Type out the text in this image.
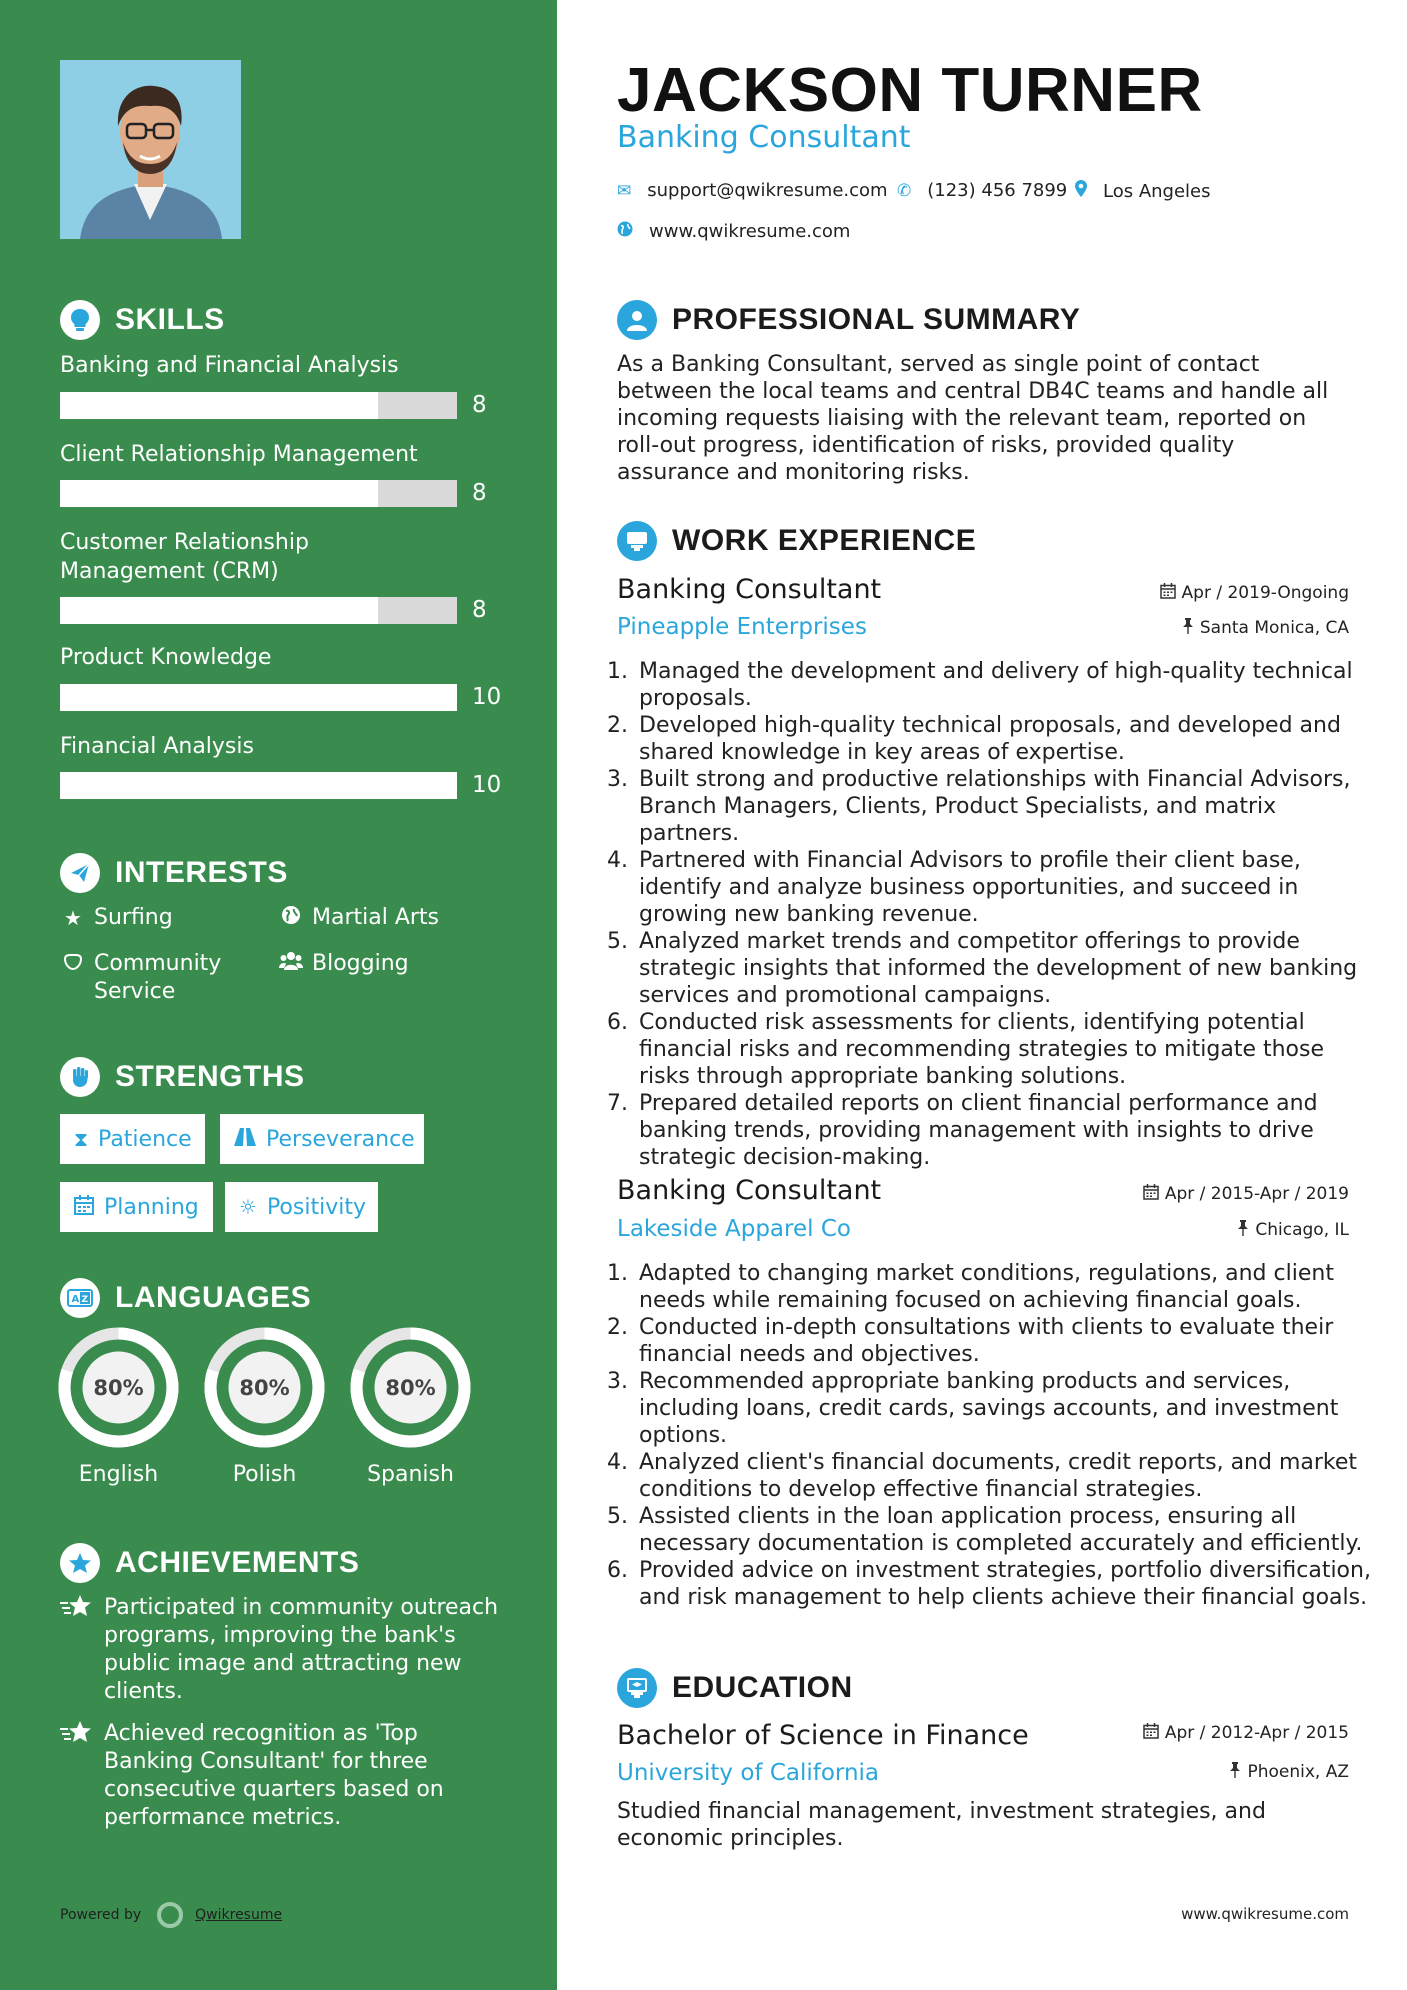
SKILLS
Banking and Financial Analysis
8
Client Relationship Management
8
Customer Relationship Management (CRM)
8
Product Knowledge
10
Financial Analysis
10
INTERESTS
★ Surfing	Martial Arts
Community Service
Blogging
STRENGTHS
⧗ Patience	Perseverance
Planning ☼ Positivity
A Z LANGUAGES
80%
English
80%
Polish
80%
Spanish
ACHIEVEMENTS
Participated in community outreach programs, improving the bank's public image and attracting new clients.
Achieved recognition as 'Top Banking Consultant' for three consecutive quarters based on performance metrics.
Powered by	Qwikresume
JACKSON TURNER
Banking Consultant
✉ support@qwikresume.com ✆ (123) 456 7899 Los Angeles
www.qwikresume.com
PROFESSIONAL SUMMARY
As a Banking Consultant, served as single point of contact between the local teams and central DB4C teams and handle all incoming requests liaising with the relevant team, reported on roll-out progress, identification of risks, provided quality assurance and monitoring risks.
WORK EXPERIENCE
Banking Consultant	Apr / 2019-Ongoing
Pineapple Enterprises	Santa Monica, CA
1. Managed the development and delivery of high-quality technical proposals.
2. Developed high-quality technical proposals, and developed and shared knowledge in key areas of expertise.
3. Built strong and productive relationships with Financial Advisors, Branch Managers, Clients, Product Specialists, and matrix partners.
4. Partnered with Financial Advisors to profile their client base, identify and analyze business opportunities, and succeed in growing new banking revenue.
5. Analyzed market trends and competitor offerings to provide strategic insights that informed the development of new banking services and promotional campaigns.
6. Conducted risk assessments for clients, identifying potential financial risks and recommending strategies to mitigate those risks through appropriate banking solutions.
7. Prepared detailed reports on client financial performance and banking trends, providing management with insights to drive strategic decision-making.
Banking Consultant	Apr / 2015-Apr / 2019
Lakeside Apparel Co	Chicago, IL
1. Adapted to changing market conditions, regulations, and client needs while remaining focused on achieving financial goals.
2. Conducted in-depth consultations with clients to evaluate their financial needs and objectives.
3. Recommended appropriate banking products and services, including loans, credit cards, savings accounts, and investment options.
4. Analyzed client's financial documents, credit reports, and market conditions to develop effective financial strategies.
5. Assisted clients in the loan application process, ensuring all necessary documentation is completed accurately and efficiently.
6. Provided advice on investment strategies, portfolio diversification, and risk management to help clients achieve their financial goals.
EDUCATION
Bachelor of Science in Finance	Apr / 2012-Apr / 2015
University of California	Phoenix, AZ
Studied financial management, investment strategies, and economic principles.
www.qwikresume.com
